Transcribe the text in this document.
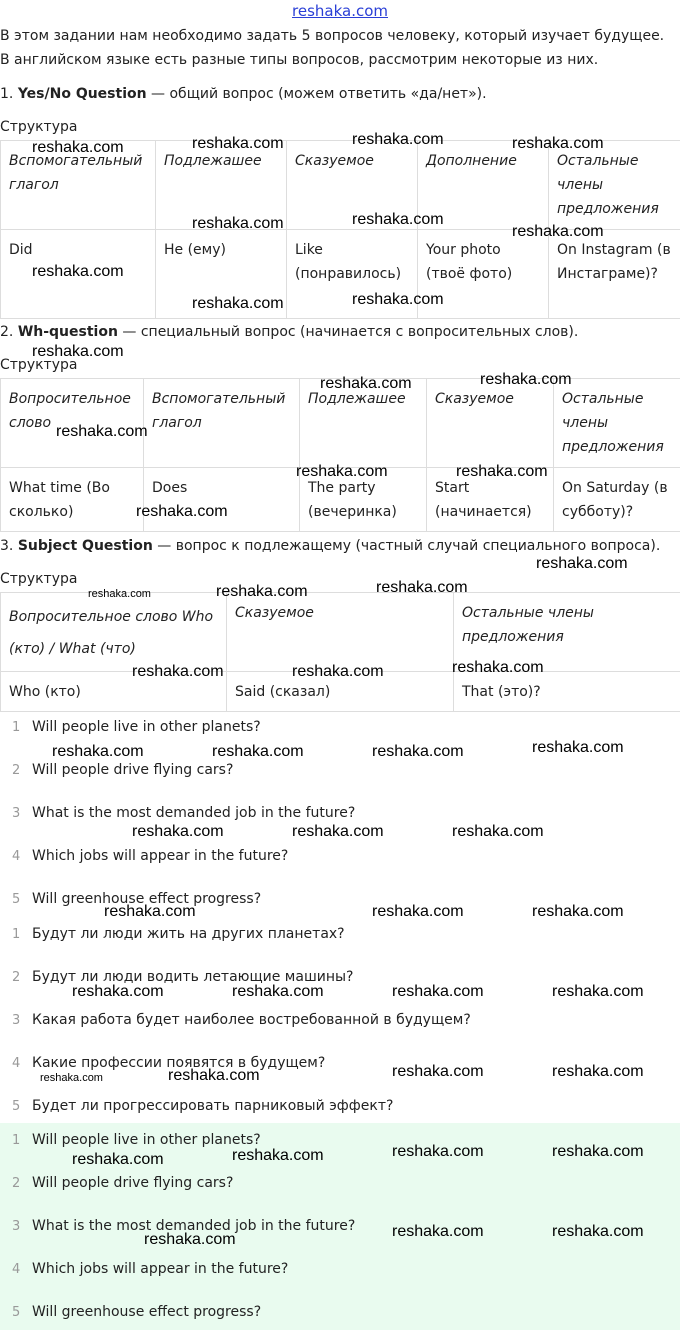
reshaka.com
В этом задании нам необходимо задать 5 вопросов человеку, который изучает будущее.
В английском языке есть разные типы вопросов, рассмотрим некоторые из них.
1. Yes/No Question — общий вопрос (можем ответить «да/нет»).
Структура
Вспомогательный глагол	Подлежашее	Сказуемое	Дополнение	Остальные члены предложения
Did	He (ему)	Like (понравилось)	Your photo (твоё фото)	On Instagram (в Инстаграме)?
2. Wh-question — специальный вопрос (начинается с вопросительных слов).
Структура
Вопросительное слово	Вспомогательный глагол	Подлежашее	Сказуемое	Остальные члены предложения
What time (Во сколько)	Does	The party (вечеринка)	Start (начинается)	On Saturday (в субботу)?
3. Subject Question — вопрос к подлежащему (частный случай специального вопроса).
Структура
Вопросительное слово Who (кто) / What (что)	Сказуемое	Остальные члены предложения
Who (кто)	Said (сказал)	That (это)?
1 Will people live in other planets?
2 Will people drive flying cars?
3 What is the most demanded job in the future?
4 Which jobs will appear in the future?
5 Will greenhouse effect progress?
1 Будут ли люди жить на других планетах?
2 Будут ли люди водить летающие машины?
3 Какая работа будет наиболее востребованной в будущем?
4 Какие профессии появятся в будущем?
5 Будет ли прогрессировать парниковый эффект?
1 Will people live in other planets?
2 Will people drive flying cars?
3 What is the most demanded job in the future?
4 Which jobs will appear in the future?
5 Will greenhouse effect progress?
reshaka.com	reshaka.com	reshaka.com	reshaka.com
reshaka.com	reshaka.com
reshaka.com
reshaka.com
reshaka.com	reshaka.com
reshaka.com
reshaka.com	reshaka.com
reshaka.com
reshaka.com	reshaka.com
reshaka.com
reshaka.com
reshaka.com	reshaka.com	reshaka.com
reshaka.com	reshaka.com	reshaka.com
reshaka.com	reshaka.com	reshaka.com	reshaka.com
reshaka.com	reshaka.com	reshaka.com
reshaka.com	reshaka.com	reshaka.com
reshaka.com	reshaka.com	reshaka.com	reshaka.com
reshaka.com	reshaka.com	reshaka.com	reshaka.com
reshaka.com	reshaka.com	reshaka.com	reshaka.com
reshaka.com	reshaka.com	reshaka.com
